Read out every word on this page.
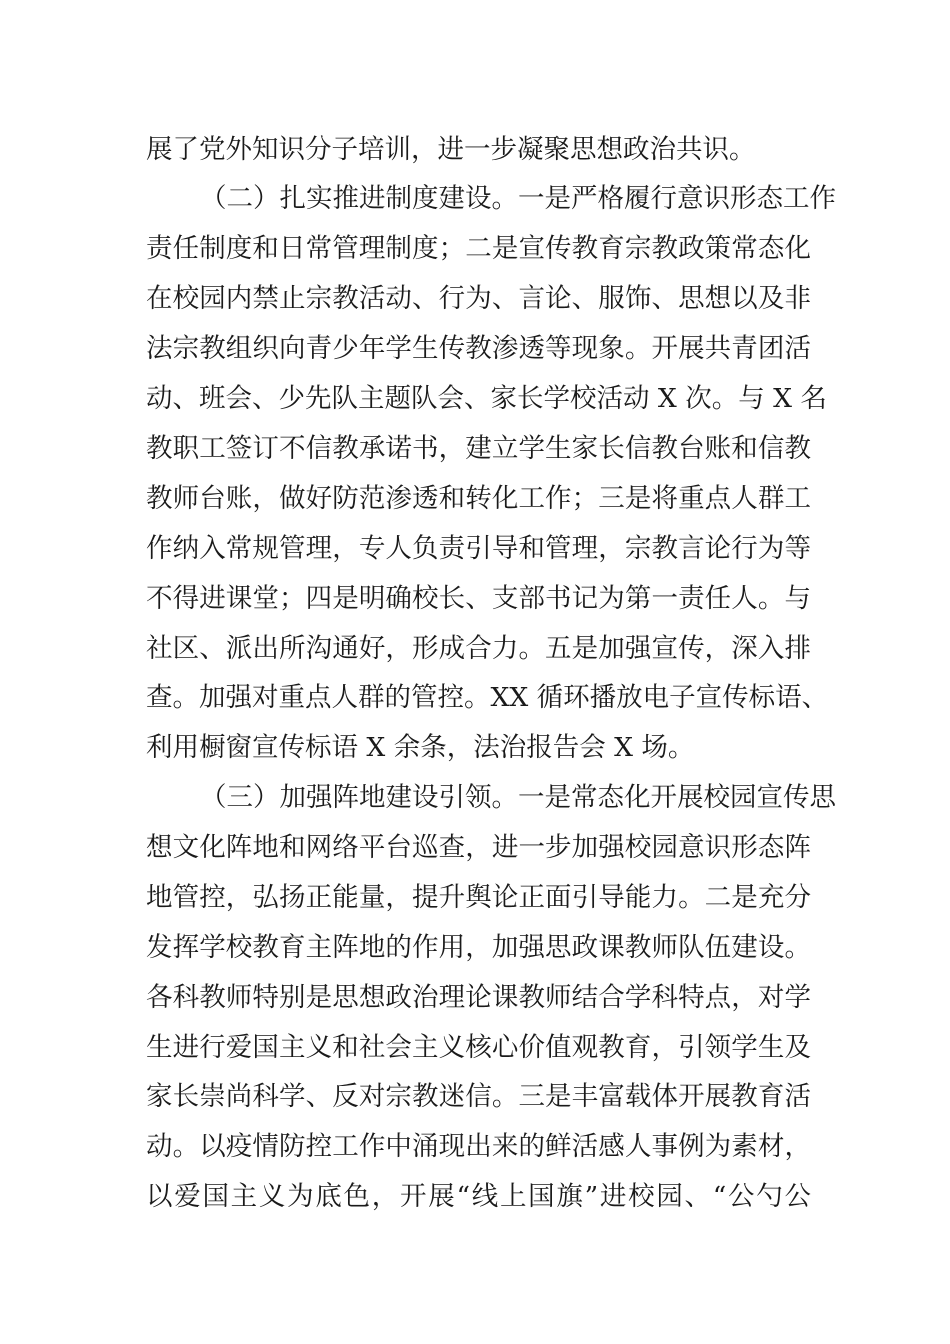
展了党外知识分子培训，进一步凝聚思想政治共识。
（二）扎实推进制度建设。一是严格履行意识形态工作
责任制度和日常管理制度；二是宣传教育宗教政策常态化
在校园内禁止宗教活动、行为、言论、服饰、思想以及非
法宗教组织向青少年学生传教渗透等现象。开展共青团活
动、班会、少先队主题队会、家长学校活动 X 次。与 X 名
教职工签订不信教承诺书，建立学生家长信教台账和信教
教师台账，做好防范渗透和转化工作；三是将重点人群工
作纳入常规管理，专人负责引导和管理，宗教言论行为等
不得进课堂；四是明确校长、支部书记为第一责任人。与
社区、派出所沟通好，形成合力。五是加强宣传，深入排
查。加强对重点人群的管控。XX 循环播放电子宣传标语、
利用橱窗宣传标语 X 余条，法治报告会 X 场。
（三）加强阵地建设引领。一是常态化开展校园宣传思
想文化阵地和网络平台巡查，进一步加强校园意识形态阵
地管控，弘扬正能量，提升舆论正面引导能力。二是充分
发挥学校教育主阵地的作用，加强思政课教师队伍建设。
各科教师特别是思想政治理论课教师结合学科特点，对学
生进行爱国主义和社会主义核心价值观教育，引领学生及
家长崇尚科学、反对宗教迷信。三是丰富载体开展教育活
动。以疫情防控工作中涌现出来的鲜活感人事例为素材，
以爱国主义为底色，开展“线上国旗”进校园、“公勺公
